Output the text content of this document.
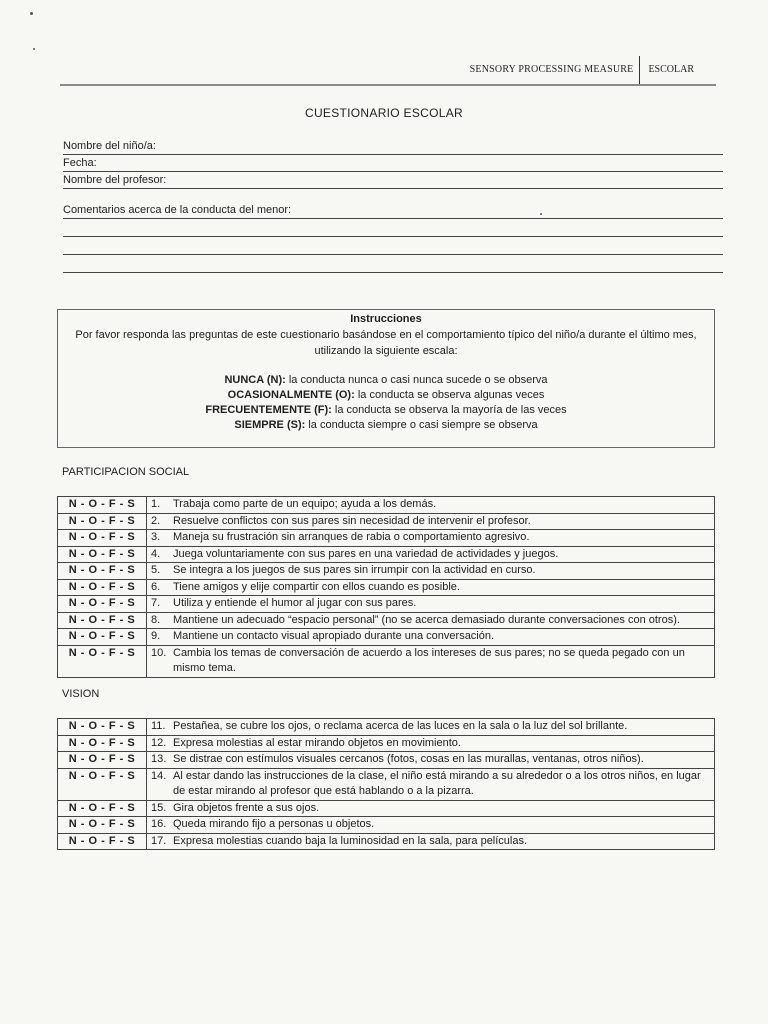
SENSORY PROCESSING MEASURE	ESCOLAR
CUESTIONARIO ESCOLAR
Nombre del niño/a:
Fecha:
Nombre del profesor:
Comentarios acerca de la conducta del menor:
Instrucciones
Por favor responda las preguntas de este cuestionario basándose en el comportamiento típico del niño/a durante el último mes, utilizando la siguiente escala:
NUNCA (N): la conducta nunca o casi nunca sucede o se observa
OCASIONALMENTE (O): la conducta se observa algunas veces
FRECUENTEMENTE (F): la conducta se observa la mayoría de las veces
SIEMPRE (S): la conducta siempre o casi siempre se observa
PARTICIPACION SOCIAL
N - O - F - S	1. Trabaja como parte de un equipo; ayuda a los demás.

N - O - F - S	2. Resuelve conflictos con sus pares sin necesidad de intervenir el profesor.

N - O - F - S	3. Maneja su frustración sin arranques de rabia o comportamiento agresivo.

N - O - F - S	4. Juega voluntariamente con sus pares en una variedad de actividades y juegos.

N - O - F - S	5. Se integra a los juegos de sus pares sin irrumpir con la actividad en curso.

N - O - F - S	6. Tiene amigos y elije compartir con ellos cuando es posible.

N - O - F - S	7. Utiliza y entiende el humor al jugar con sus pares.

N - O - F - S	8. Mantiene un adecuado “espacio personal” (no se acerca demasiado durante conversaciones con otros).

N - O - F - S	9. Mantiene un contacto visual apropiado durante una conversación.

N - O - F - S	10. Cambia los temas de conversación de acuerdo a los intereses de sus pares; no se queda pegado con un mismo tema.
VISION
N - O - F - S	11. Pestañea, se cubre los ojos, o reclama acerca de las luces en la sala o la luz del sol brillante.

N - O - F - S	12. Expresa molestias al estar mirando objetos en movimiento.

N - O - F - S	13. Se distrae con estímulos visuales cercanos (fotos, cosas en las murallas, ventanas, otros niños).

N - O - F - S	14. Al estar dando las instrucciones de la clase, el niño está mirando a su alrededor o a los otros niños, en lugar de estar mirando al profesor que está hablando o a la pizarra.

N - O - F - S	15. Gira objetos frente a sus ojos.

N - O - F - S	16. Queda mirando fijo a personas u objetos.

N - O - F - S	17. Expresa molestias cuando baja la luminosidad en la sala, para películas.
